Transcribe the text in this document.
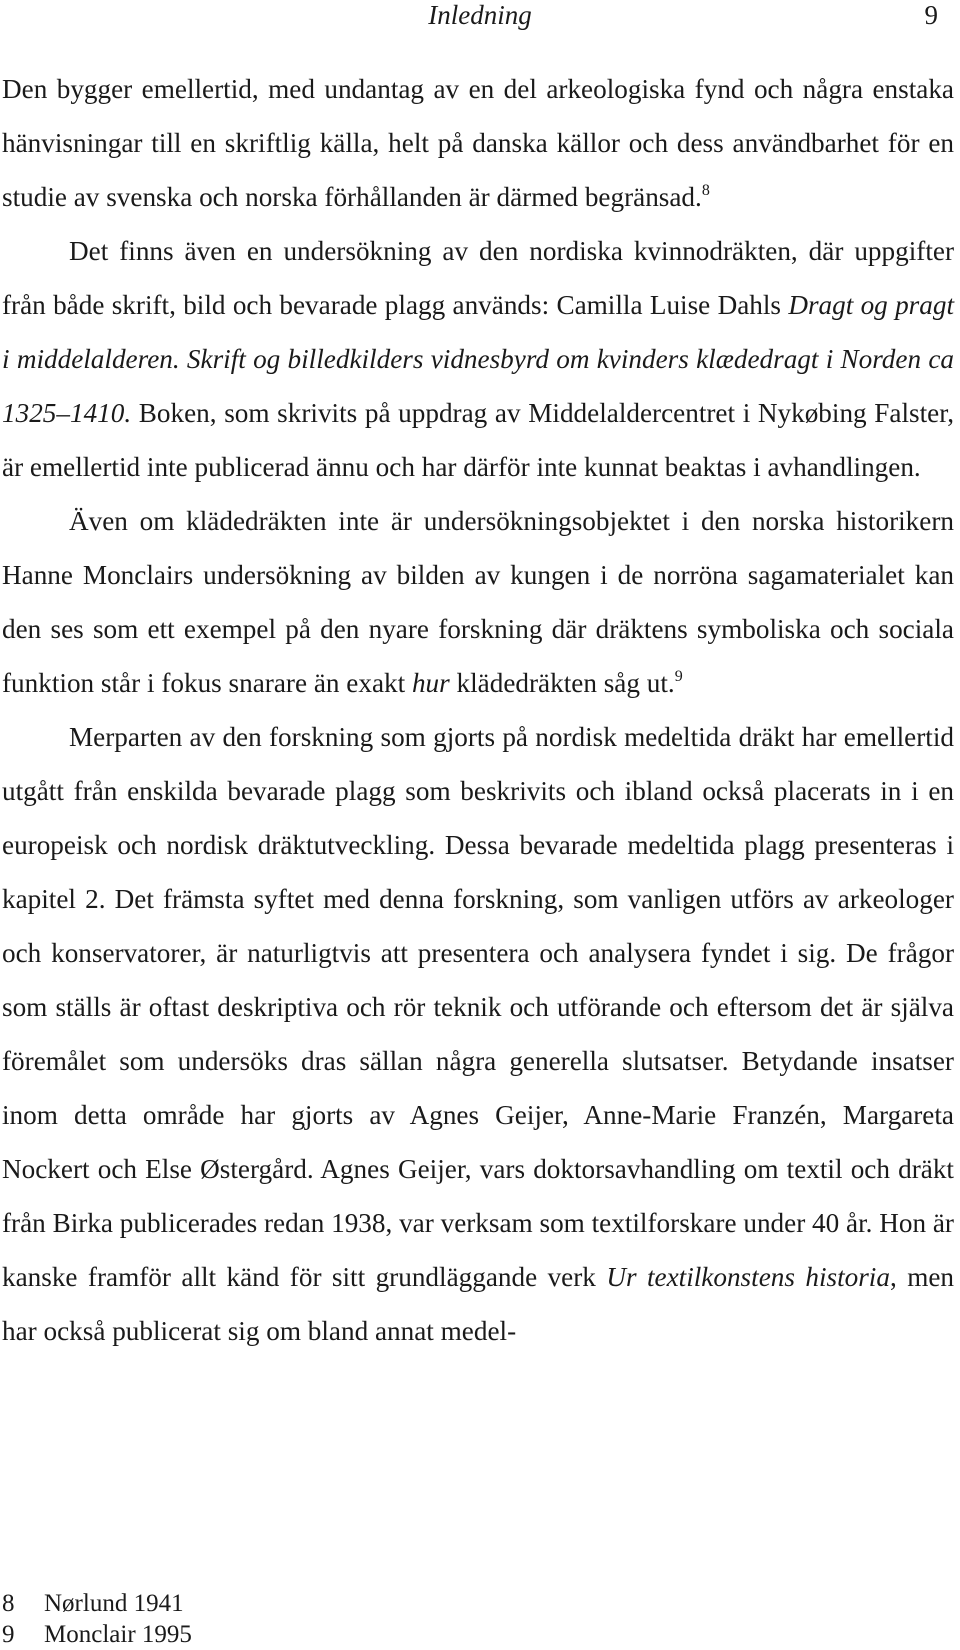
Inledning	9

Den bygger emellertid, med undantag av en del arkeologiska fynd och några enstaka hänvisningar till en skriftlig källa, helt på danska källor och dess användbarhet för en studie av svenska och norska förhållanden är därmed begränsad.$^8$

Det finns även en undersökning av den nordiska kvinnodräkten, där uppgifter från både skrift, bild och bevarade plagg används: Camilla Luise Dahls Dragt og pragt i middelalderen. Skrift og billedkilders vidnesbyrd om kvinders klædedragt i Norden ca 1325–1410. Boken, som skrivits på uppdrag av Middelaldercentret i Nykøbing Falster, är emellertid inte publicerad ännu och har därför inte kunnat beaktas i avhandlingen.

Även om klädedräkten inte är undersökningsobjektet i den norska historikern Hanne Monclairs undersökning av bilden av kungen i de norröna sagamaterialet kan den ses som ett exempel på den nyare forskning där dräktens symboliska och sociala funktion står i fokus snarare än exakt hur klädedräkten såg ut.$^9$

Merparten av den forskning som gjorts på nordisk medeltida dräkt har emellertid utgått från enskilda bevarade plagg som beskrivits och ibland också placerats in i en europeisk och nordisk dräktutveckling. Dessa bevarade medeltida plagg presenteras i kapitel 2. Det främsta syftet med denna forskning, som vanligen utförs av arkeologer och konservatorer, är naturligtvis att presentera och analysera fyndet i sig. De frågor som ställs är oftast deskriptiva och rör teknik och utförande och eftersom det är själva föremålet som undersöks dras sällan några generella slutsatser. Betydande insatser inom detta område har gjorts av Agnes Geijer, Anne-Marie Franzén, Margareta Nockert och Else Østergård. Agnes Geijer, vars doktorsavhandling om textil och dräkt från Birka publicerades redan 1938, var verksam som textilforskare under 40 år. Hon är kanske framför allt känd för sitt grundläggande verk Ur textilkonstens historia, men har också publicerat sig om bland annat medel-

8 Nørlund 1941
9 Monclair 1995
